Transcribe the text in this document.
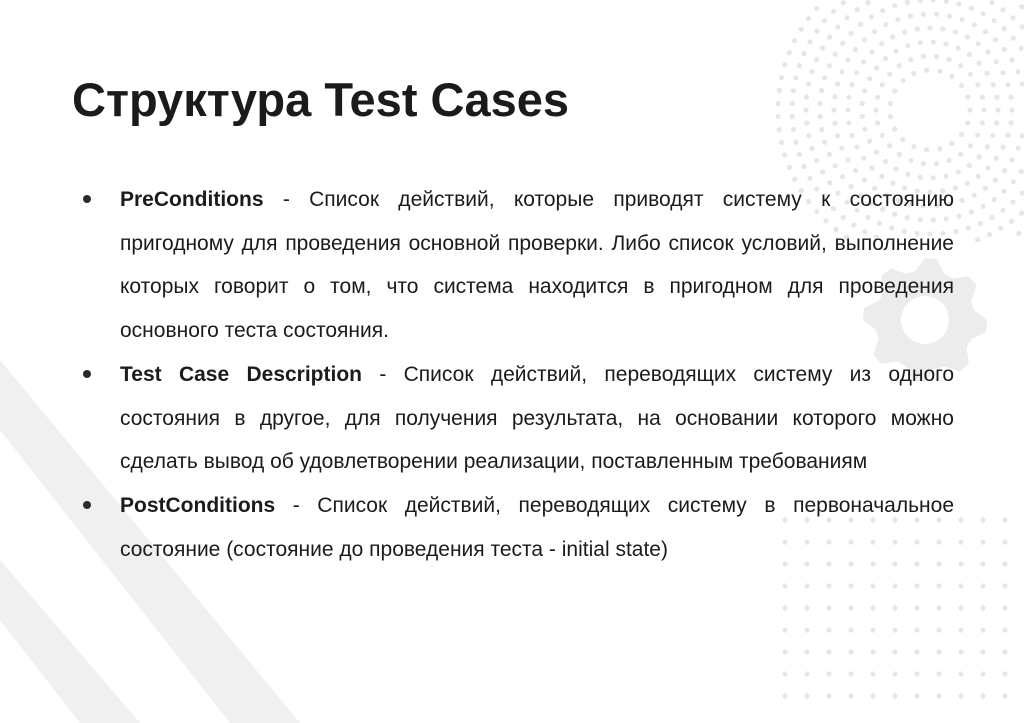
Структура Test Cases
PreConditions - Список действий, которые приводят систему к состоянию пригодному для проведения основной проверки. Либо список условий, выполнение которых говорит о том, что система находится в пригодном для проведения основного теста состояния.
Test Case Description - Список действий, переводящих систему из одного состояния в другое, для получения результата, на основании которого можно сделать вывод об удовлетворении реализации, поставленным требованиям
PostConditions - Список действий, переводящих систему в первоначальное состояние (состояние до проведения теста - initial state)
